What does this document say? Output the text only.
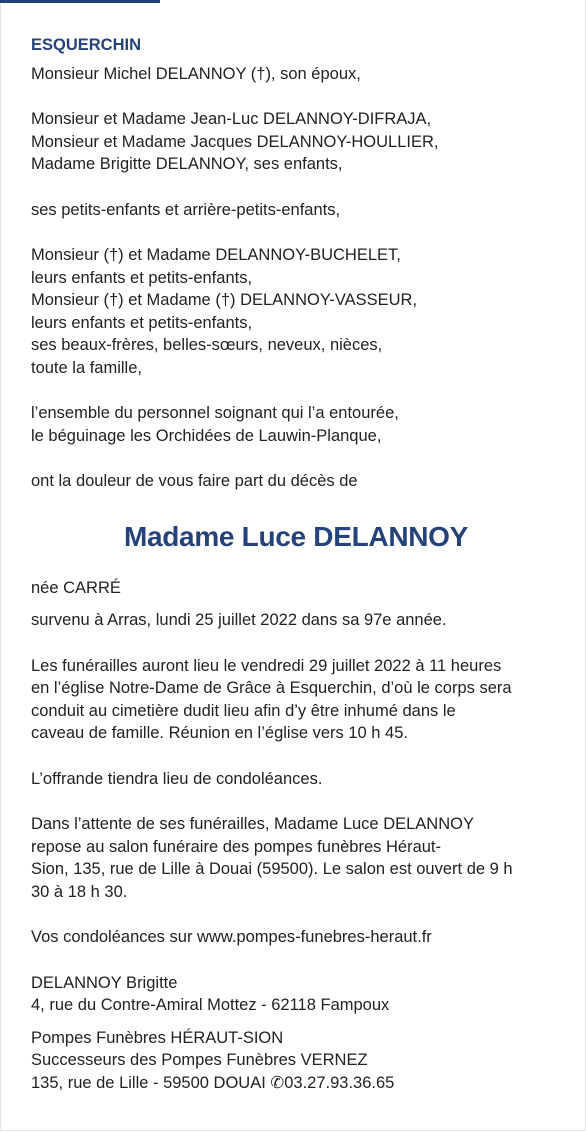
ESQUERCHIN
Monsieur Michel DELANNOY (†), son époux,
Monsieur et Madame Jean-Luc DELANNOY-DIFRAJA,
Monsieur et Madame Jacques DELANNOY-HOULLIER,
Madame Brigitte DELANNOY, ses enfants,
ses petits-enfants et arrière-petits-enfants,
Monsieur (†) et Madame DELANNOY-BUCHELET,
leurs enfants et petits-enfants,
Monsieur (†) et Madame (†) DELANNOY-VASSEUR,
leurs enfants et petits-enfants,
ses beaux-frères, belles-sœurs, neveux, nièces,
toute la famille,
l’ensemble du personnel soignant qui l’a entourée,
le béguinage les Orchidées de Lauwin-Planque,
ont la douleur de vous faire part du décès de
Madame Luce DELANNOY
née CARRÉ
survenu à Arras, lundi 25 juillet 2022 dans sa 97e année.
Les funérailles auront lieu le vendredi 29 juillet 2022 à 11 heures
en l’église Notre-Dame de Grâce à Esquerchin, d’où le corps sera
conduit au cimetière dudit lieu afin d’y être inhumé dans le
caveau de famille. Réunion en l’église vers 10 h 45.
L’offrande tiendra lieu de condoléances.
Dans l’attente de ses funérailles, Madame Luce DELANNOY
repose au salon funéraire des pompes funèbres Héraut-
Sion, 135, rue de Lille à Douai (59500). Le salon est ouvert de 9 h
30 à 18 h 30.
Vos condoléances sur www.pompes-funebres-heraut.fr
DELANNOY Brigitte
4, rue du Contre-Amiral Mottez - 62118 Fampoux
Pompes Funèbres HÉRAUT-SION
Successeurs des Pompes Funèbres VERNEZ
135, rue de Lille - 59500 DOUAI ✆03.27.93.36.65
